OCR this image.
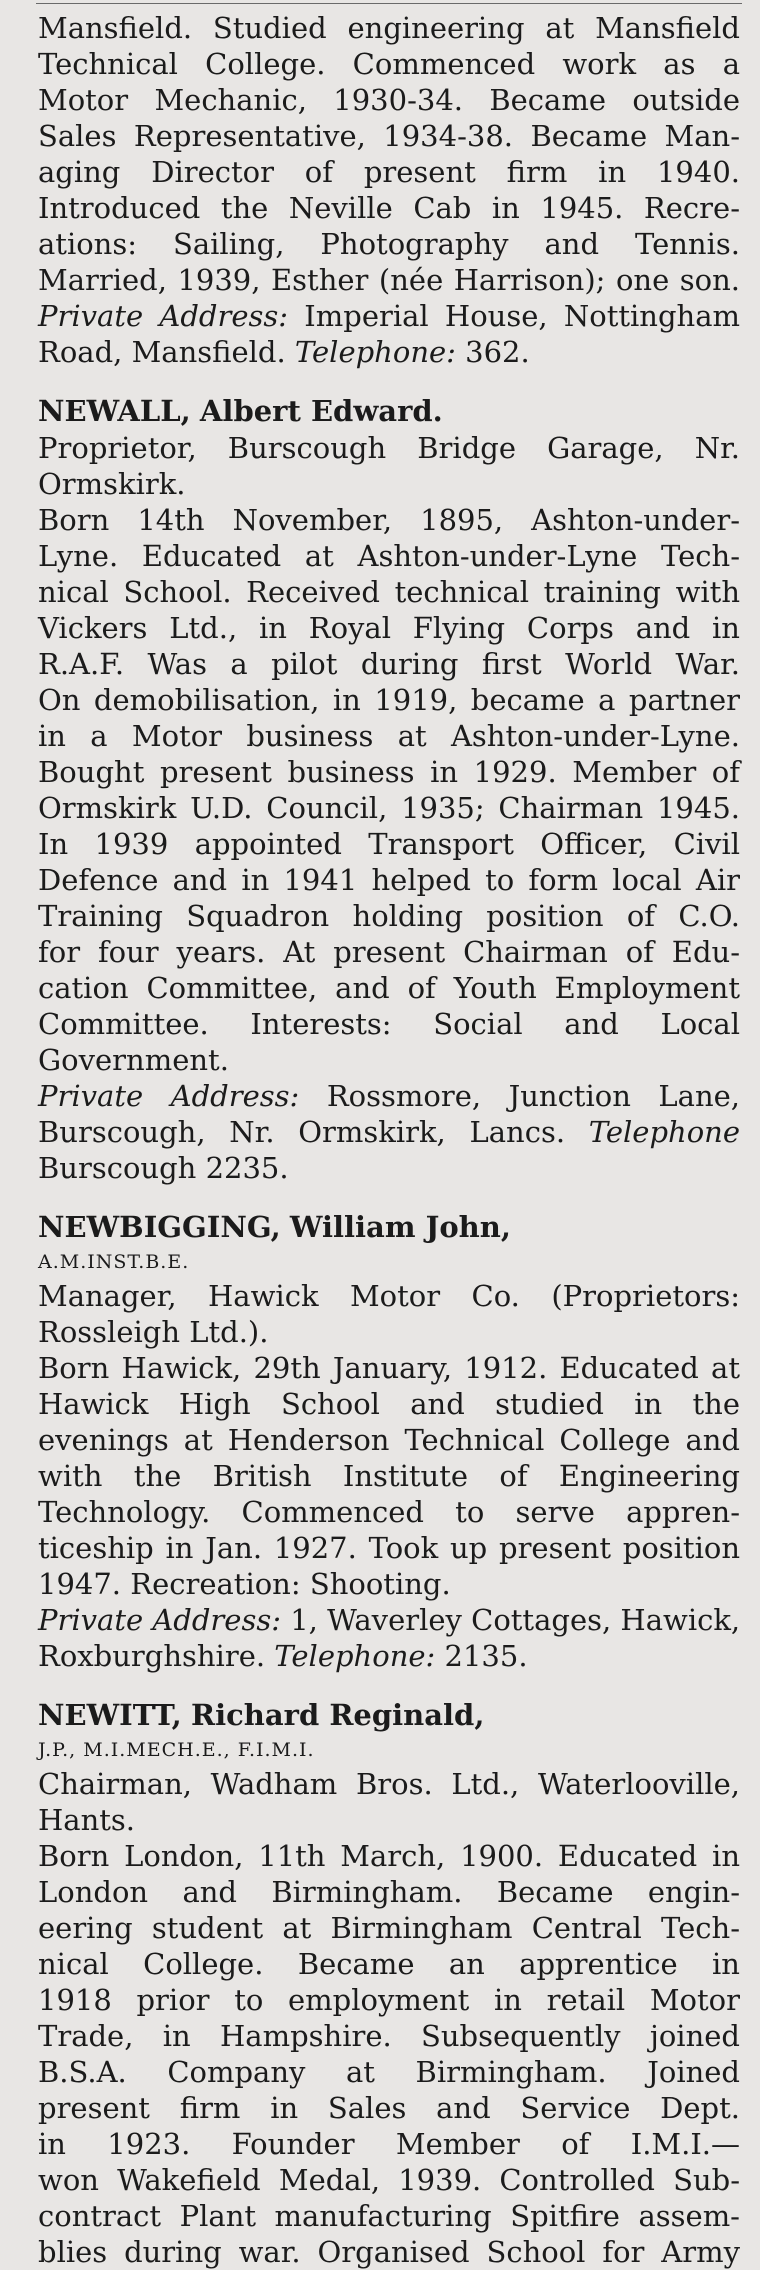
Mansfield. Studied engineering at Mansfield
Technical College. Commenced work as a
Motor Mechanic, 1930-34. Became outside
Sales Representative, 1934-38. Became Man-
aging Director of present firm in 1940.
Introduced the Neville Cab in 1945. Recre-
ations: Sailing, Photography and Tennis.
Married, 1939, Esther (née Harrison); one son.
Private Address: Imperial House, Nottingham
Road, Mansfield. Telephone: 362.
NEWALL, Albert Edward.
Proprietor, Burscough Bridge Garage, Nr.
Ormskirk.
Born 14th November, 1895, Ashton-under-
Lyne. Educated at Ashton-under-Lyne Tech-
nical School. Received technical training with
Vickers Ltd., in Royal Flying Corps and in
R.A.F. Was a pilot during first World War.
On demobilisation, in 1919, became a partner
in a Motor business at Ashton-under-Lyne.
Bought present business in 1929. Member of
Ormskirk U.D. Council, 1935; Chairman 1945.
In 1939 appointed Transport Officer, Civil
Defence and in 1941 helped to form local Air
Training Squadron holding position of C.O.
for four years. At present Chairman of Edu-
cation Committee, and of Youth Employment
Committee. Interests: Social and Local
Government.
Private Address: Rossmore, Junction Lane,
Burscough, Nr. Ormskirk, Lancs. Telephone
Burscough 2235.
NEWBIGGING, William John,
A.M.INST.B.E.
Manager, Hawick Motor Co. (Proprietors:
Rossleigh Ltd.).
Born Hawick, 29th January, 1912. Educated at
Hawick High School and studied in the
evenings at Henderson Technical College and
with the British Institute of Engineering
Technology. Commenced to serve appren-
ticeship in Jan. 1927. Took up present position
1947. Recreation: Shooting.
Private Address: 1, Waverley Cottages, Hawick,
Roxburghshire. Telephone: 2135.
NEWITT, Richard Reginald,
J.P., M.I.MECH.E., F.I.M.I.
Chairman, Wadham Bros. Ltd., Waterlooville,
Hants.
Born London, 11th March, 1900. Educated in
London and Birmingham. Became engin-
eering student at Birmingham Central Tech-
nical College. Became an apprentice in
1918 prior to employment in retail Motor
Trade, in Hampshire. Subsequently joined
B.S.A. Company at Birmingham. Joined
present firm in Sales and Service Dept.
in 1923. Founder Member of I.M.I.—
won Wakefield Medal, 1939. Controlled Sub-
contract Plant manufacturing Spitfire assem-
blies during war. Organised School for Army
